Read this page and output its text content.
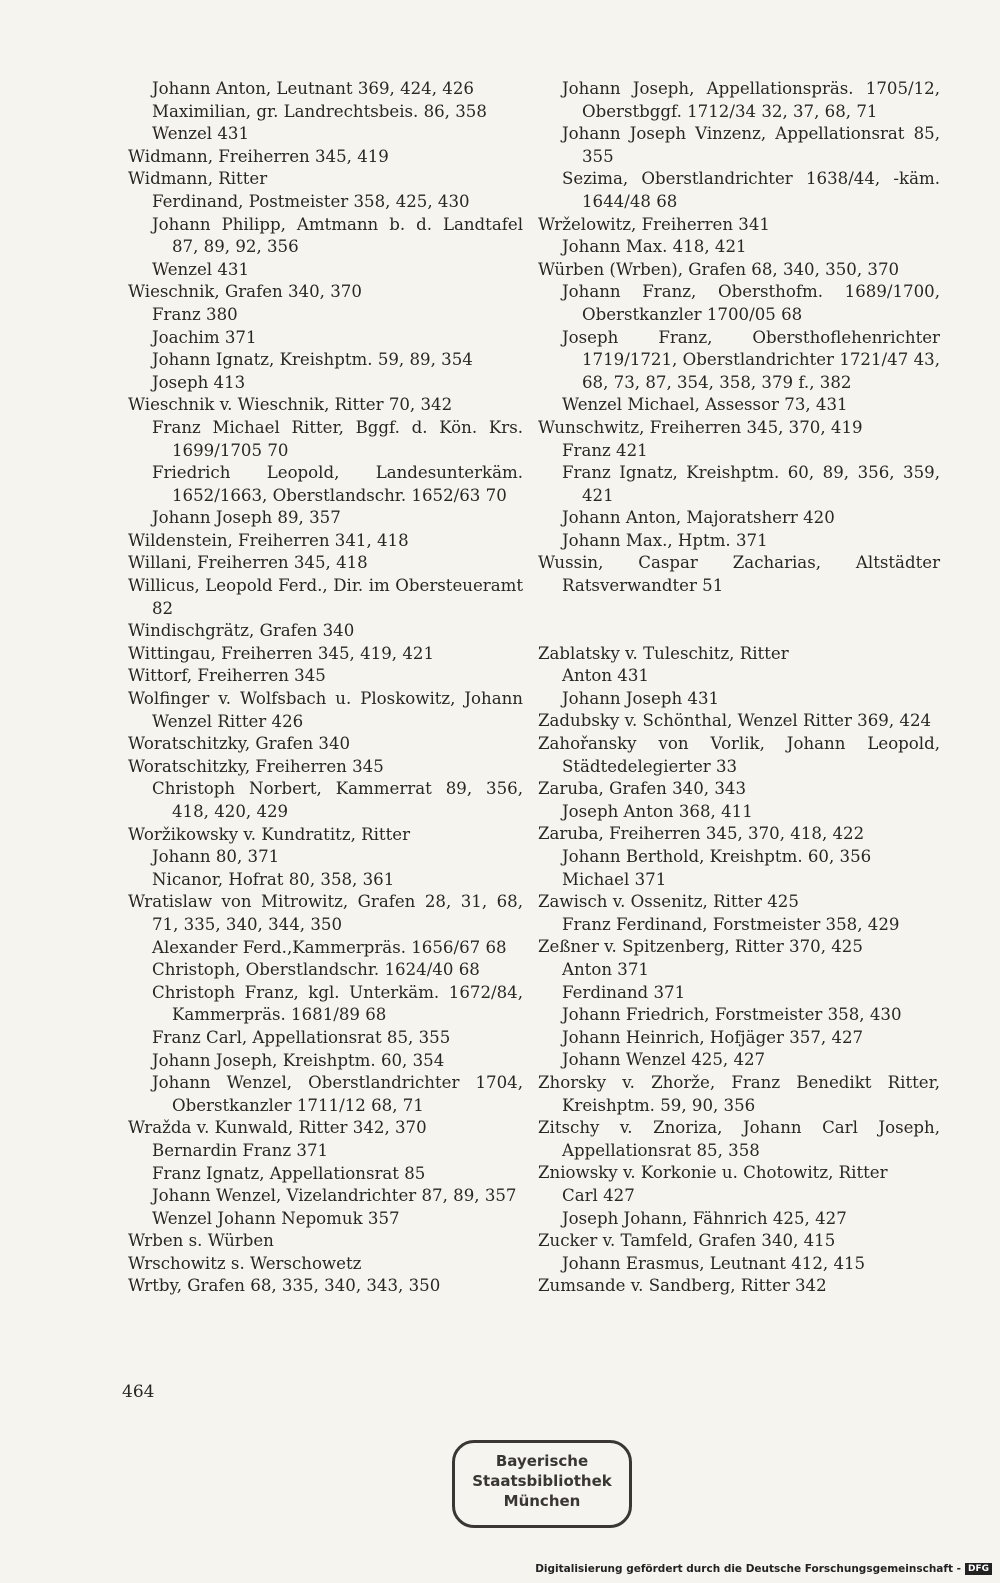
Johann Anton, Leutnant 369, 424, 426
Maximilian, gr. Landrechtsbeis. 86, 358
Wenzel 431
Widmann, Freiherren 345, 419
Widmann, Ritter
Ferdinand, Postmeister 358, 425, 430
Johann Philipp, Amtmann b. d. Landtafel 87, 89, 92, 356
Wenzel 431
Wieschnik, Grafen 340, 370
Franz 380
Joachim 371
Johann Ignatz, Kreishptm. 59, 89, 354
Joseph 413
Wieschnik v. Wieschnik, Ritter 70, 342
Franz Michael Ritter, Bggf. d. Kön. Krs. 1699/1705 70
Friedrich Leopold, Landesunterkäm. 1652/1663, Oberstlandschr. 1652/63 70
Johann Joseph 89, 357
Wildenstein, Freiherren 341, 418
Willani, Freiherren 345, 418
Willicus, Leopold Ferd., Dir. im Obersteueramt 82
Windischgrätz, Grafen 340
Wittingau, Freiherren 345, 419, 421
Wittorf, Freiherren 345
Wolfinger v. Wolfsbach u. Ploskowitz, Johann Wenzel Ritter 426
Woratschitzky, Grafen 340
Woratschitzky, Freiherren 345
Christoph Norbert, Kammerrat 89, 356, 418, 420, 429
Woržikowsky v. Kundratitz, Ritter
Johann 80, 371
Nicanor, Hofrat 80, 358, 361
Wratislaw von Mitrowitz, Grafen 28, 31, 68, 71, 335, 340, 344, 350
Alexander Ferd.,Kammerpräs. 1656/67 68
Christoph, Oberstlandschr. 1624/40 68
Christoph Franz, kgl. Unterkäm. 1672/84, Kammerpräs. 1681/89 68
Franz Carl, Appellationsrat 85, 355
Johann Joseph, Kreishptm. 60, 354
Johann Wenzel, Oberstlandrichter 1704, Oberstkanzler 1711/12 68, 71
Wražda v. Kunwald, Ritter 342, 370
Bernardin Franz 371
Franz Ignatz, Appellationsrat 85
Johann Wenzel, Vizelandrichter 87, 89, 357
Wenzel Johann Nepomuk 357
Wrben s. Würben
Wrschowitz s. Werschowetz
Wrtby, Grafen 68, 335, 340, 343, 350
Johann Joseph, Appellationspräs. 1705/12, Oberstbggf. 1712/34 32, 37, 68, 71
Johann Joseph Vinzenz, Appellationsrat 85, 355
Sezima, Oberstlandrichter 1638/44, -käm. 1644/48 68
Wrželowitz, Freiherren 341
Johann Max. 418, 421
Würben (Wrben), Grafen 68, 340, 350, 370
Johann Franz, Obersthofm. 1689/1700, Oberstkanzler 1700/05 68
Joseph Franz, Obersthoflehenrichter 1719/1721, Oberstlandrichter 1721/47 43, 68, 73, 87, 354, 358, 379 f., 382
Wenzel Michael, Assessor 73, 431
Wunschwitz, Freiherren 345, 370, 419
Franz 421
Franz Ignatz, Kreishptm. 60, 89, 356, 359, 421
Johann Anton, Majoratsherr 420
Johann Max., Hptm. 371
Wussin, Caspar Zacharias, Altstädter Ratsverwandter 51
Zablatsky v. Tuleschitz, Ritter
Anton 431
Johann Joseph 431
Zadubsky v. Schönthal, Wenzel Ritter 369, 424
Zahořansky von Vorlik, Johann Leopold, Städtedelegierter 33
Zaruba, Grafen 340, 343
Joseph Anton 368, 411
Zaruba, Freiherren 345, 370, 418, 422
Johann Berthold, Kreishptm. 60, 356
Michael 371
Zawisch v. Ossenitz, Ritter 425
Franz Ferdinand, Forstmeister 358, 429
Zeßner v. Spitzenberg, Ritter 370, 425
Anton 371
Ferdinand 371
Johann Friedrich, Forstmeister 358, 430
Johann Heinrich, Hofjäger 357, 427
Johann Wenzel 425, 427
Zhorsky v. Zhorže, Franz Benedikt Ritter, Kreishptm. 59, 90, 356
Zitschy v. Znoriza, Johann Carl Joseph, Appellationsrat 85, 358
Zniowsky v. Korkonie u. Chotowitz, Ritter
Carl 427
Joseph Johann, Fähnrich 425, 427
Zucker v. Tamfeld, Grafen 340, 415
Johann Erasmus, Leutnant 412, 415
Zumsande v. Sandberg, Ritter 342
464
Bayerische
Staatsbibliothek
München
Digitalisierung gefördert durch die Deutsche Forschungsgemeinschaft - DFG
